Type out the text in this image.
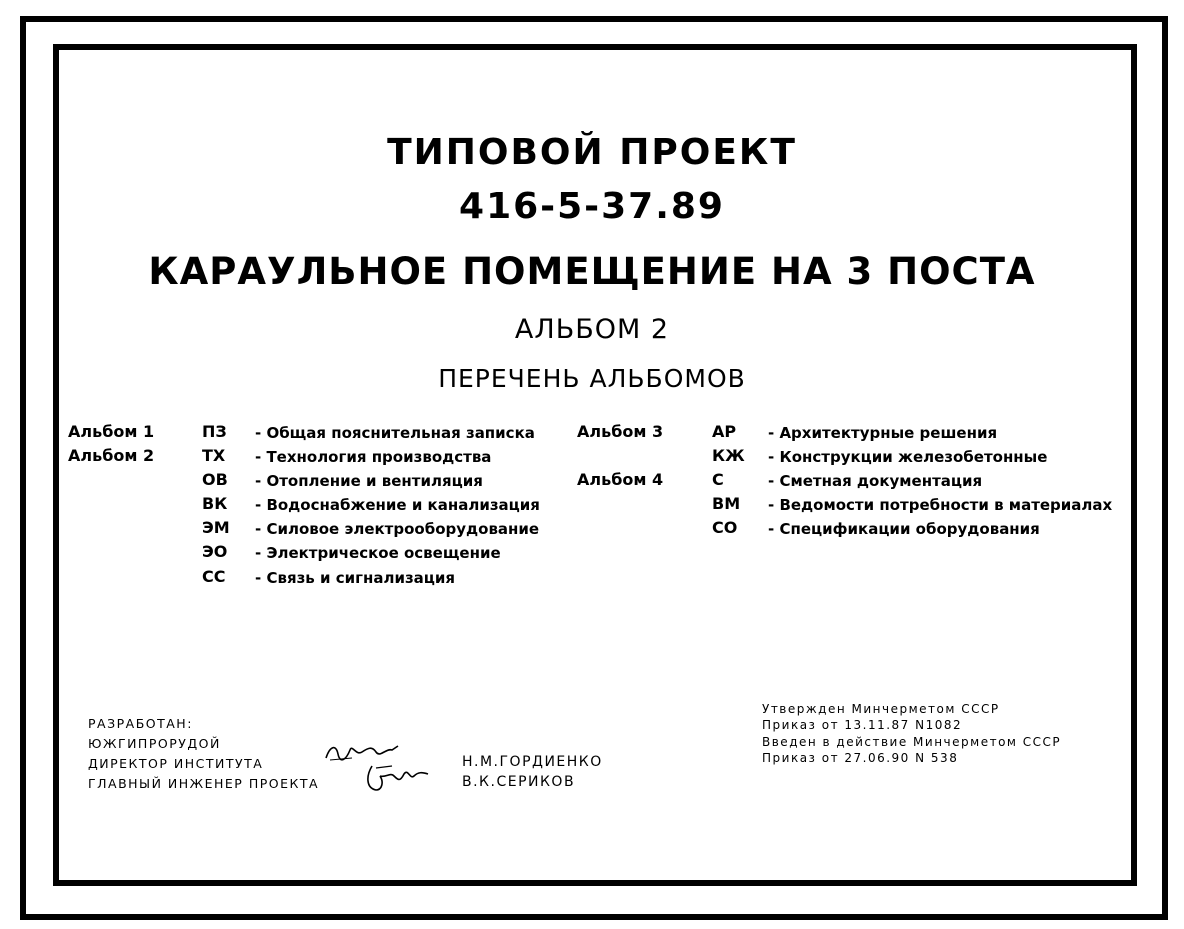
ТИПОВОЙ ПРОЕКТ
416-5-37.89
КАРАУЛЬНОЕ ПОМЕЩЕНИЕ НА 3 ПОСТА
АЛЬБОМ 2
ПЕРЕЧЕНЬ АЛЬБОМОВ
Альбом 1
Альбом 2
ПЗ - Общая пояснительная записка
ТХ - Технология производства
ОВ - Отопление и вентиляция
ВК - Водоснабжение и канализация
ЭМ - Силовое электрооборудование
ЭО - Электрическое освещение
СС - Связь и сигнализация
Альбом 3
Альбом 4
АР - Архитектурные решения
КЖ - Конструкции железобетонные
С	- Сметная документация
ВМ - Ведомости потребности в материалах
СО - Спецификации оборудования
РАЗРАБОТАН:
ЮЖГИПРОРУДОЙ
ДИРЕКТОР ИНСТИТУТА
ГЛАВНЫЙ ИНЖЕНЕР ПРОЕКТА
Н.М.ГОРДИЕНКО
В.К.СЕРИКОВ
Утвержден Минчерметом СССР
Приказ от 13.11.87 N1082
Введен в действие Минчерметом СССР
Приказ от 27.06.90 N 538
